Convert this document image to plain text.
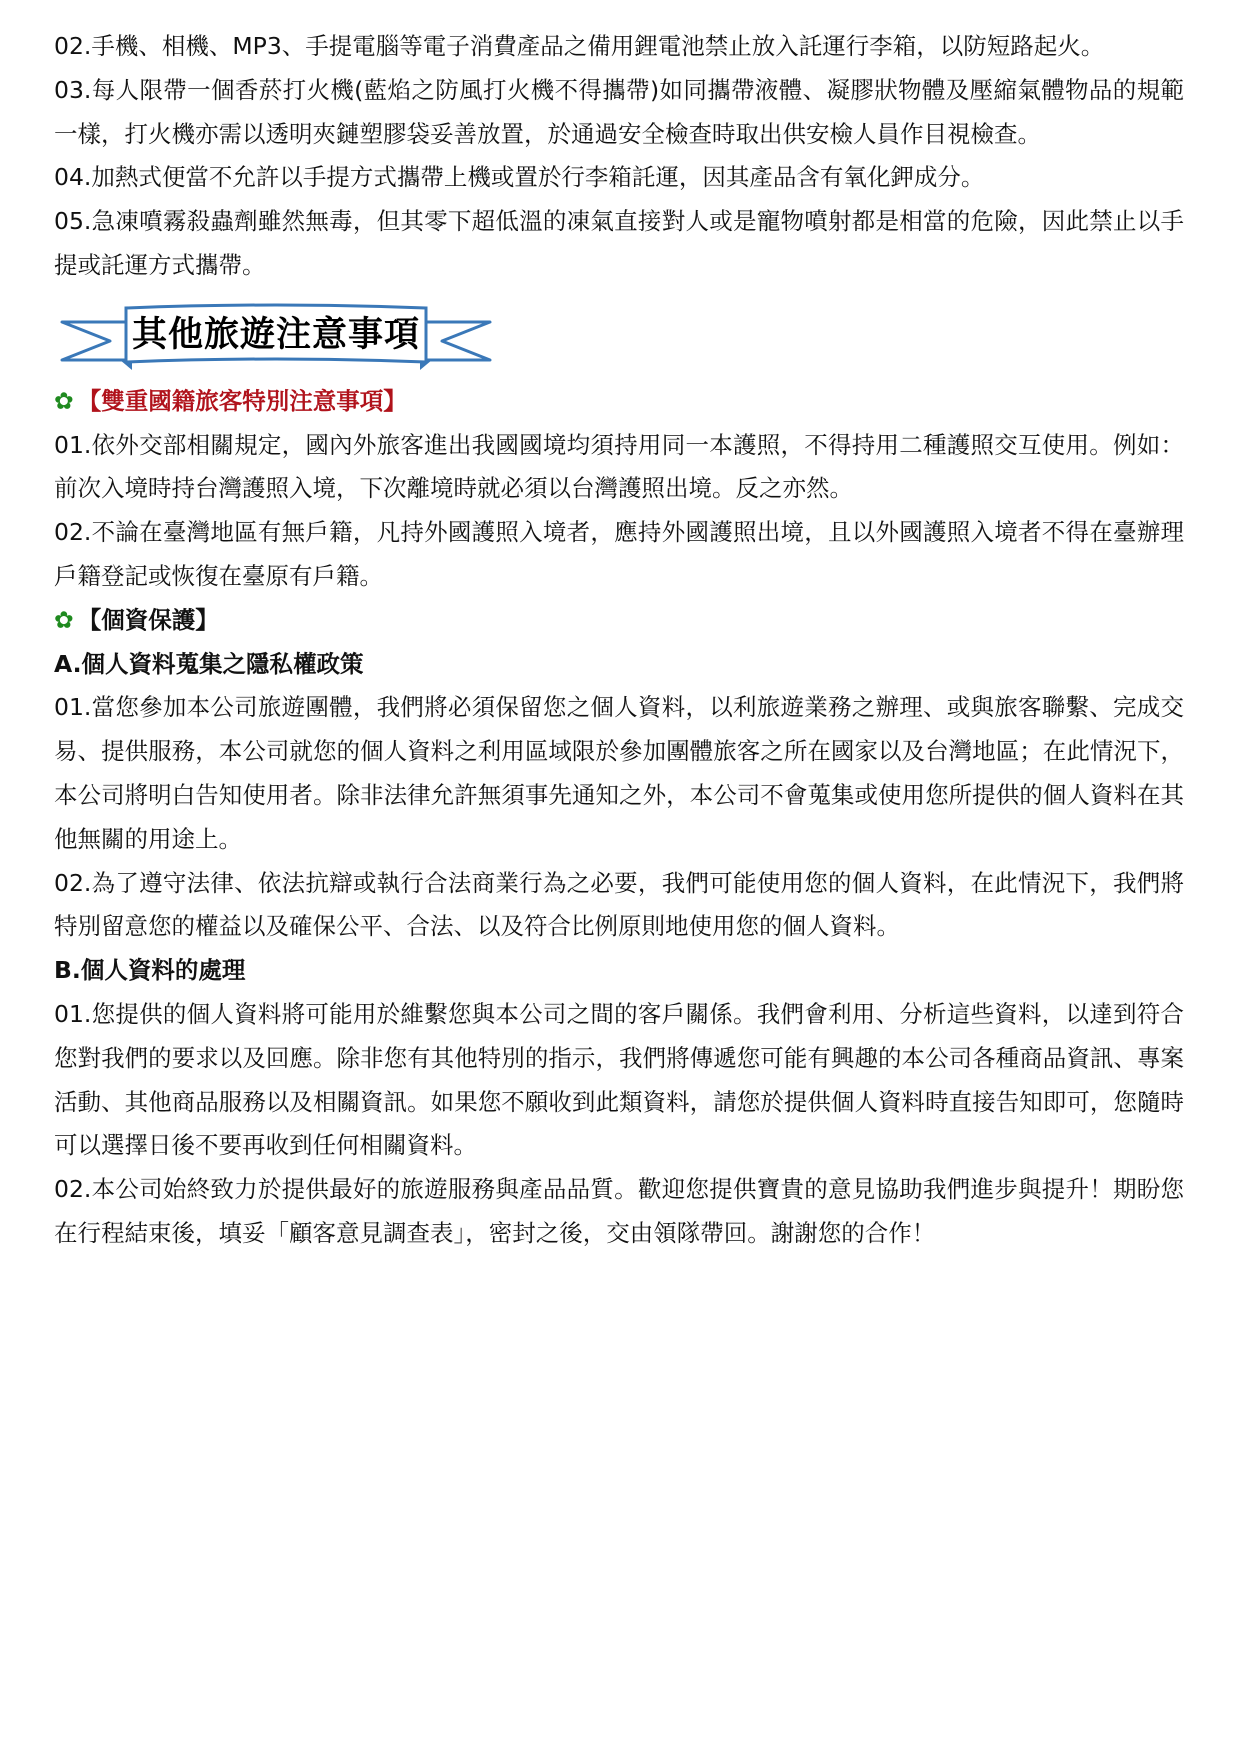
02.手機、相機、MP3、手提電腦等電子消費產品之備用鋰電池禁止放入託運行李箱，以防短路起火。

03.每人限帶一個香菸打火機(藍焰之防風打火機不得攜帶)如同攜帶液體、凝膠狀物體及壓縮氣體物品的規範一樣，打火機亦需以透明夾鏈塑膠袋妥善放置，於通過安全檢查時取出供安檢人員作目視檢查。

04.加熱式便當不允許以手提方式攜帶上機或置於行李箱託運，因其產品含有氧化鉀成分。

05.急凍噴霧殺蟲劑雖然無毒，但其零下超低溫的凍氣直接對人或是寵物噴射都是相當的危險，因此禁止以手提或託運方式攜帶。

其他旅遊注意事項

✿ 【雙重國籍旅客特別注意事項】

01.依外交部相關規定，國內外旅客進出我國國境均須持用同一本護照，不得持用二種護照交互使用。例如：前次入境時持台灣護照入境，下次離境時就必須以台灣護照出境。反之亦然。

02.不論在臺灣地區有無戶籍，凡持外國護照入境者，應持外國護照出境，且以外國護照入境者不得在臺辦理戶籍登記或恢復在臺原有戶籍。

✿ 【個資保護】

A.個人資料蒐集之隱私權政策

01.當您參加本公司旅遊團體，我們將必須保留您之個人資料，以利旅遊業務之辦理、或與旅客聯繫、完成交易、提供服務，本公司就您的個人資料之利用區域限於參加團體旅客之所在國家以及台灣地區；在此情況下，本公司將明白告知使用者。除非法律允許無須事先通知之外，本公司不會蒐集或使用您所提供的個人資料在其他無關的用途上。

02.為了遵守法律、依法抗辯或執行合法商業行為之必要，我們可能使用您的個人資料，在此情況下，我們將特別留意您的權益以及確保公平、合法、以及符合比例原則地使用您的個人資料。

B.個人資料的處理

01.您提供的個人資料將可能用於維繫您與本公司之間的客戶關係。我們會利用、分析這些資料，以達到符合您對我們的要求以及回應。除非您有其他特別的指示，我們將傳遞您可能有興趣的本公司各種商品資訊、專案活動、其他商品服務以及相關資訊。如果您不願收到此類資料，請您於提供個人資料時直接告知即可，您隨時可以選擇日後不要再收到任何相關資料。

02.本公司始終致力於提供最好的旅遊服務與產品品質。歡迎您提供寶貴的意見協助我們進步與提升！期盼您在行程結束後，填妥「顧客意見調查表」，密封之後，交由領隊帶回。謝謝您的合作！
